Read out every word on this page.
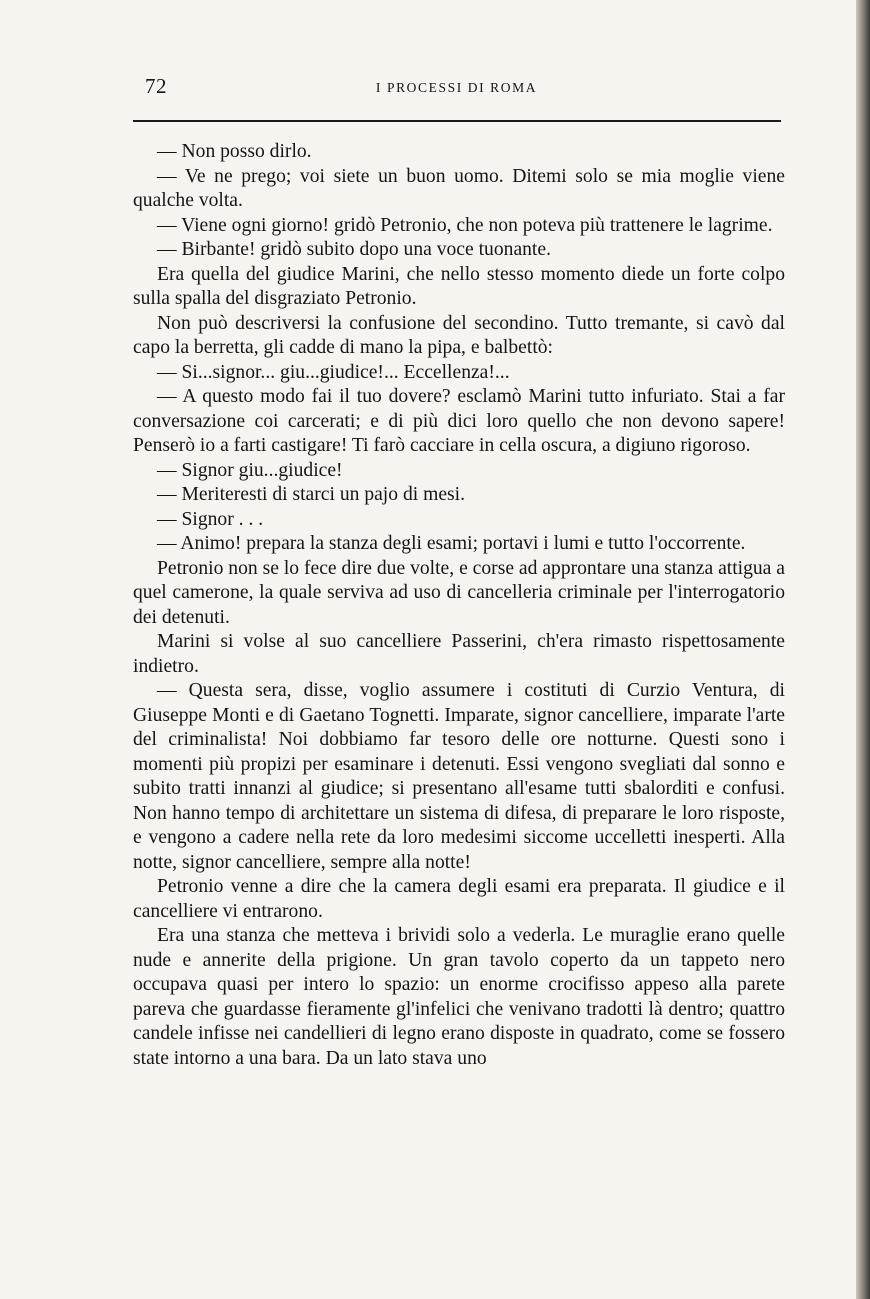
72	I PROCESSI DI ROMA

— Non posso dirlo.

— Ve ne prego; voi siete un buon uomo. Ditemi solo se mia moglie viene qualche volta.

— Viene ogni giorno! gridò Petronio, che non poteva più trattenere le lagrime.

— Birbante! gridò subito dopo una voce tuonante.

Era quella del giudice Marini, che nello stesso momento diede un forte colpo sulla spalla del disgraziato Petronio.

Non può descriversi la confusione del secondino. Tutto tremante, si cavò dal capo la berretta, gli cadde di mano la pipa, e balbettò:

— Si...signor... giu...giudice!... Eccellenza!...

— A questo modo fai il tuo dovere? esclamò Marini tutto infuriato. Stai a far conversazione coi carcerati; e di più dici loro quello che non devono sapere! Penserò io a farti castigare! Ti farò cacciare in cella oscura, a digiuno rigoroso.

— Signor giu...giudice!

— Meriteresti di starci un pajo di mesi.

— Signor . . .

— Animo! prepara la stanza degli esami; portavi i lumi e tutto l'occorrente.

Petronio non se lo fece dire due volte, e corse ad approntare una stanza attigua a quel camerone, la quale serviva ad uso di cancelleria criminale per l'interrogatorio dei detenuti.

Marini si volse al suo cancelliere Passerini, ch'era rimasto rispettosamente indietro.

— Questa sera, disse, voglio assumere i costituti di Curzio Ventura, di Giuseppe Monti e di Gaetano Tognetti. Imparate, signor cancelliere, imparate l'arte del criminalista! Noi dobbiamo far tesoro delle ore notturne. Questi sono i momenti più propizi per esaminare i detenuti. Essi vengono svegliati dal sonno e subito tratti innanzi al giudice; si presentano all'esame tutti sbalorditi e confusi. Non hanno tempo di architettare un sistema di difesa, di preparare le loro risposte, e vengono a cadere nella rete da loro medesimi siccome uccelletti inesperti. Alla notte, signor cancelliere, sempre alla notte!

Petronio venne a dire che la camera degli esami era preparata. Il giudice e il cancelliere vi entrarono.

Era una stanza che metteva i brividi solo a vederla. Le muraglie erano quelle nude e annerite della prigione. Un gran tavolo coperto da un tappeto nero occupava quasi per intero lo spazio: un enorme crocifisso appeso alla parete pareva che guardasse fieramente gl'infelici che venivano tradotti là dentro; quattro candele infisse nei candellieri di legno erano disposte in quadrato, come se fossero state intorno a una bara. Da un lato stava uno
